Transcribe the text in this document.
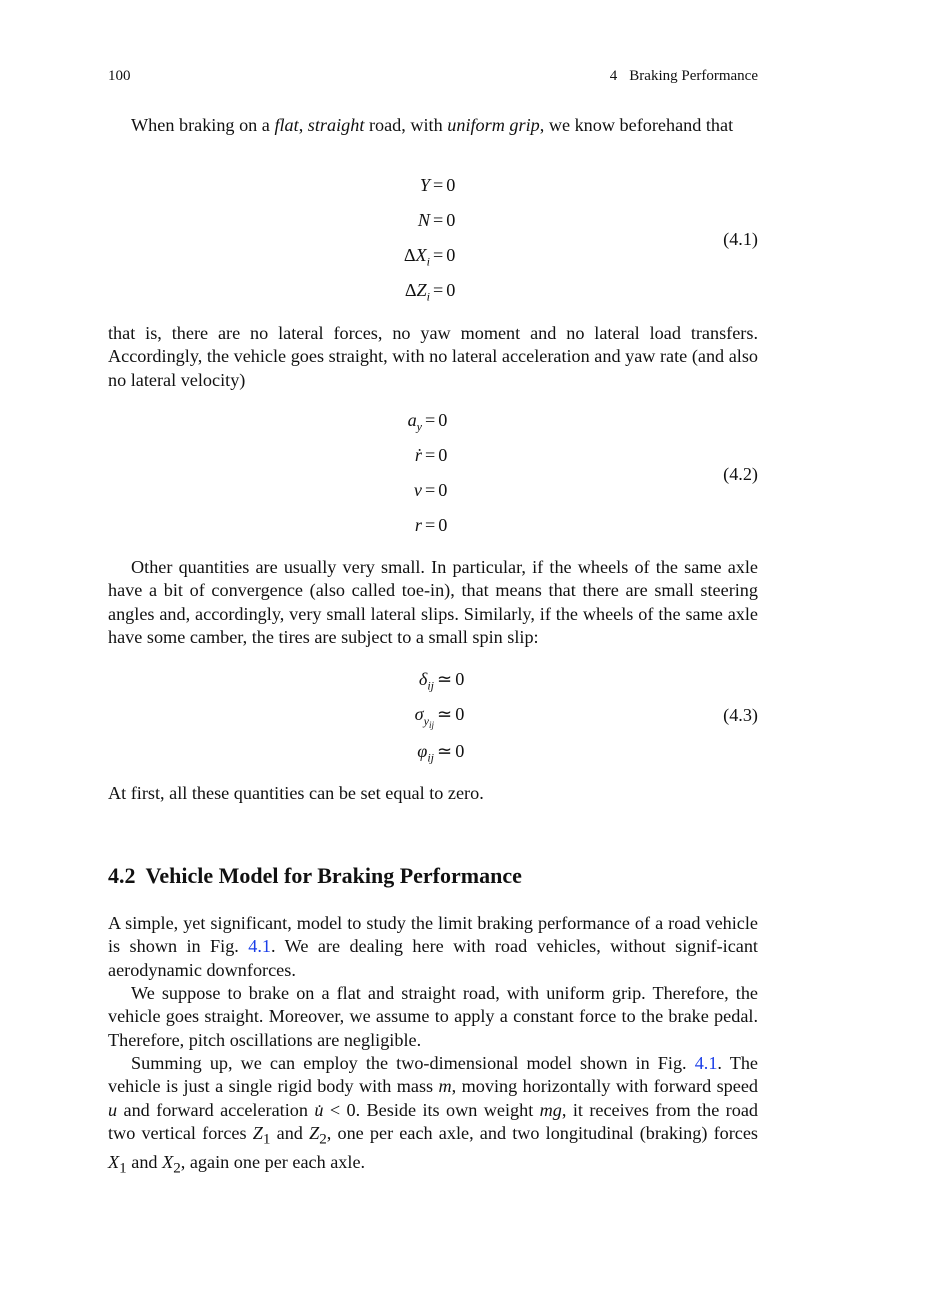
100	4 Braking Performance

When braking on a flat, straight road, with uniform grip, we know beforehand that

Y = 0
N = 0
$\Delta X_i = 0$
$\Delta Z_i = 0$
(4.1)

that is, there are no lateral forces, no yaw moment and no lateral load transfers. Accordingly, the vehicle goes straight, with no lateral acceleration and yaw rate (and also no lateral velocity)

$a_y = 0$
ṙ = 0
v = 0
r = 0
(4.2)

Other quantities are usually very small. In particular, if the wheels of the same axle have a bit of convergence (also called toe-in), that means that there are small steering angles and, accordingly, very small lateral slips. Similarly, if the wheels of the same axle have some camber, the tires are subject to a small spin slip:

$\delta_{ij}$ ≃ 0
$\sigma_{y_{ij}}≃$ 0
$\varphi_{ij}$ ≃ 0
(4.3)

At first, all these quantities can be set equal to zero.

4.2 Vehicle Model for Braking Performance

A simple, yet significant, model to study the limit braking performance of a road vehicle is shown in Fig. 4.1. We are dealing here with road vehicles, without signif-icant aerodynamic downforces.

We suppose to brake on a flat and straight road, with uniform grip. Therefore, the vehicle goes straight. Moreover, we assume to apply a constant force to the brake pedal. Therefore, pitch oscillations are negligible.

Summing up, we can employ the two-dimensional model shown in Fig. 4.1. The vehicle is just a single rigid body with mass m, moving horizontally with forward speed u and forward acceleration u̇ < 0. Beside its own weight mg, it receives from the road two vertical forces $Z_1$ and $Z_2$, one per each axle, and two longitudinal (braking) forces $X_1$ and $X_2$, again one per each axle.
